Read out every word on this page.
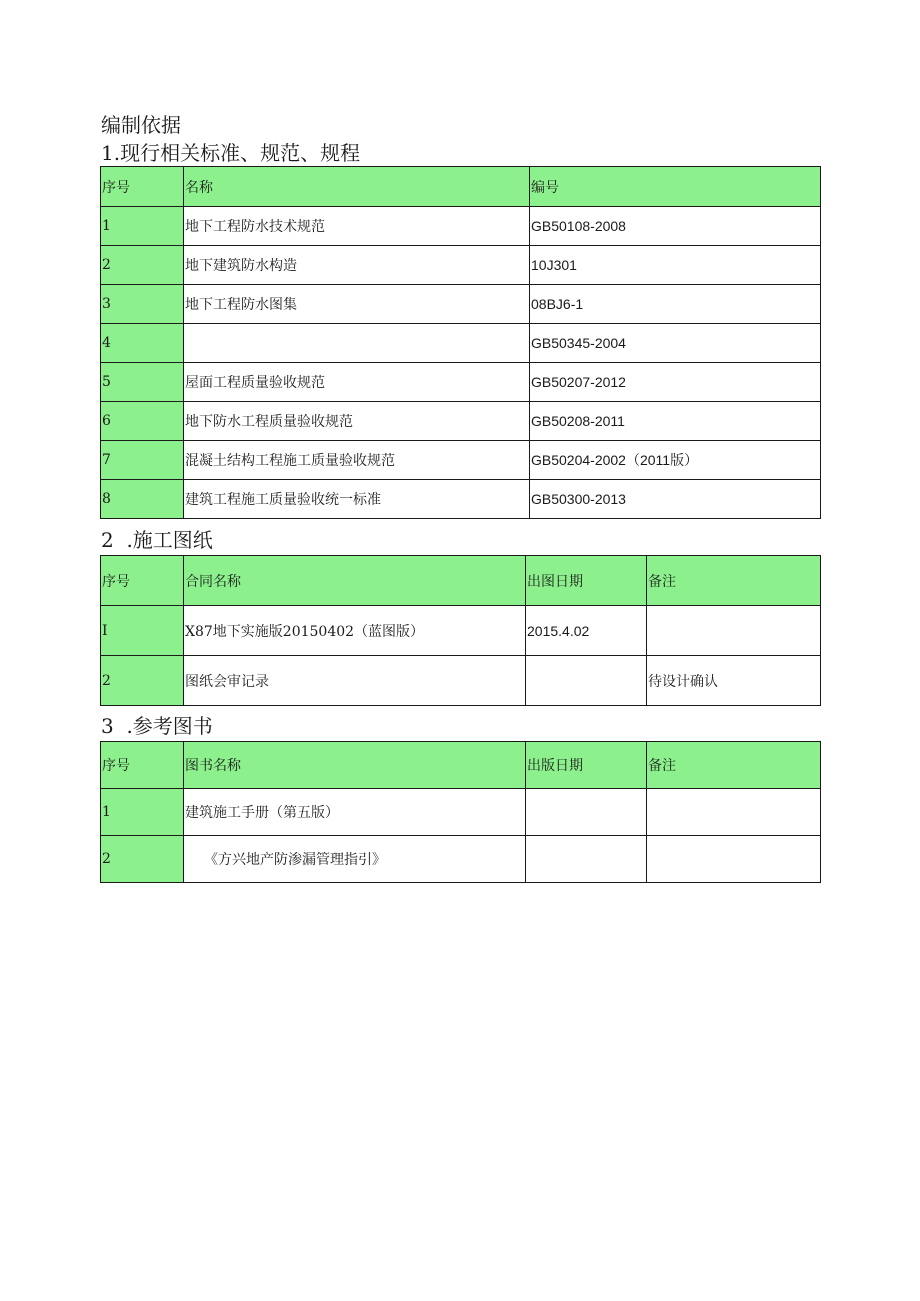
编制依据
1.现行相关标准、规范、规程
序号	名称	编号
1	地下工程防水技术规范	GB50108-2008
2	地下建筑防水构造	10J301
3	地下工程防水图集	08BJ6-1
4		GB50345-2004
5	屋面工程质量验收规范	GB50207-2012
6	地下防水工程质量验收规范	GB50208-2011
7	混凝土结构工程施工质量验收规范	GB50204-2002（2011版）
8	建筑工程施工质量验收统一标准	GB50300-2013
2  .施工图纸
序号	合同名称	出图日期	备注
I	X87地下实施版20150402（蓝图版）	2015.4.02	
2	图纸会审记录		待设计确认
3  .参考图书
序号	图书名称	出版日期	备注
1	建筑施工手册（第五版）		
2	《方兴地产防渗漏管理指引》		
